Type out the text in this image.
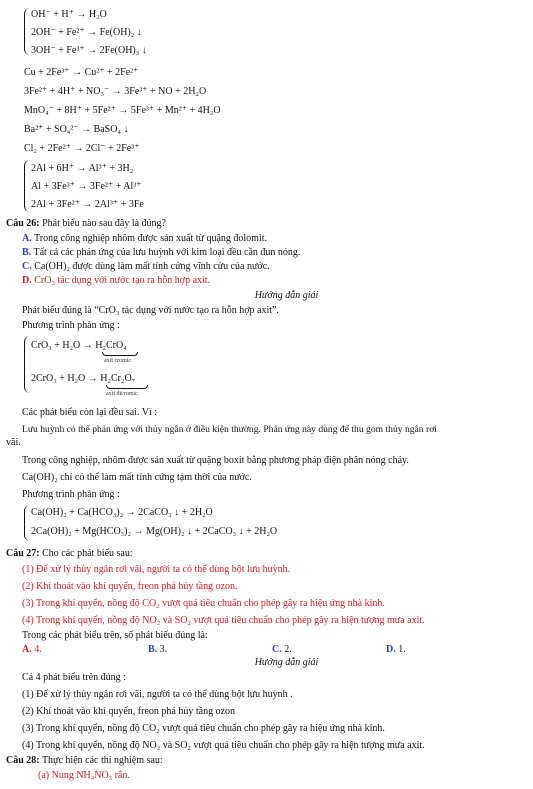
OH⁻ + H⁺ → H₂O
2OH⁻ + Fe²⁺ → Fe(OH)₂ ↓
3OH⁻ + Fe³⁺ → 2Fe(OH)₃ ↓
Cu + 2Fe³⁺ → Cu²⁺ + 2Fe²⁺
3Fe²⁺ + 4H⁺ + NO₃⁻ → 3Fe³⁺ + NO + 2H₂O
MnO₄⁻ + 8H⁺ + 5Fe²⁺ → 5Fe³⁺ + Mn²⁺ + 4H₂O
Ba²⁺ + SO₄²⁻ → BaSO₄ ↓
Cl₂ + 2Fe²⁺ → 2Cl⁻ + 2Fe³⁺
2Al + 6H⁺ → Al³⁺ + 3H₂
Al + 3Fe³⁺ → 3Fe²⁺ + Al³⁺
2Al + 3Fe²⁺ → 2Al³⁺ + 3Fe
Câu 26: Phát biểu nào sau đây là đúng?
A. Trong công nghiệp nhôm được sản xuất từ quặng đolomit.
B. Tất cả các phản ứng của lưu huỳnh với kim loại đều cần đun nóng.
C. Ca(OH)₂ được dùng làm mất tính cứng vĩnh cửu của nước.
D. CrO₃ tác dụng với nước tạo ra hỗn hợp axit.
Hướng dẫn giải
Phát biểu đúng là “CrO₃ tác dụng với nước tạo ra hỗn hợp axit”.
Phương trình phản ứng :
CrO₃ + H₂O → H₂CrO₄
axit cromic
2CrO₃ + H₂O → H₂Cr₂O₇
axit đicromic
Các phát biểu còn lại đều sai. Vì :
Lưu huỳnh có thể phản ứng với thủy ngân ở điều kiện thường. Phản ứng này dùng để thu gom thủy ngân rơi
vãi.
Trong công nghiệp, nhôm được sản xuất từ quặng boxit bằng phương pháp điện phân nóng chảy.
Ca(OH)₂ chỉ có thể làm mất tính cứng tạm thời của nước.
Phương trình phản ứng :
Ca(OH)₂ + Ca(HCO₃)₂ → 2CaCO₃ ↓ + 2H₂O
2Ca(OH)₂ + Mg(HCO₃)₂ → Mg(OH)₂ ↓ + 2CaCO₃ ↓ + 2H₂O
Câu 27: Cho các phát biểu sau:
(1) Để xử lý thủy ngân rơi vãi, người ta có thể dùng bột lưu huỳnh.
(2) Khí thoát vào khí quyển, freon phá hủy tầng ozon.
(3) Trong khí quyển, nồng độ CO₂ vượt quá tiêu chuẩn cho phép gây ra hiệu ứng nhà kính.
(4) Trong khí quyển, nồng độ NO₂ và SO₂ vượt quá tiêu chuẩn cho phép gây ra hiện tượng mưa axit.
Trong các phát biểu trên, số phát biểu đúng là:
A. 4.	B. 3.	C. 2.	D. 1.
Hướng dẫn giải
Cả 4 phát biểu trên đúng :
(1) Để xử lý thủy ngân rơi vãi, người ta có thể dùng bột lưu huỳnh .
(2) Khí thoát vào khí quyển, freon phá hủy tầng ozon
(3) Trong khí quyển, nồng độ CO₂ vượt quá tiêu chuẩn cho phép gây ra hiệu ứng nhà kính.
(4) Trong khí quyển, nồng độ NO₂ và SO₂ vượt quá tiêu chuẩn cho phép gây ra hiện tượng mưa axit.
Câu 28: Thực hiện các thí nghiệm sau:
(a) Nung NH₄NO₃ rắn.
